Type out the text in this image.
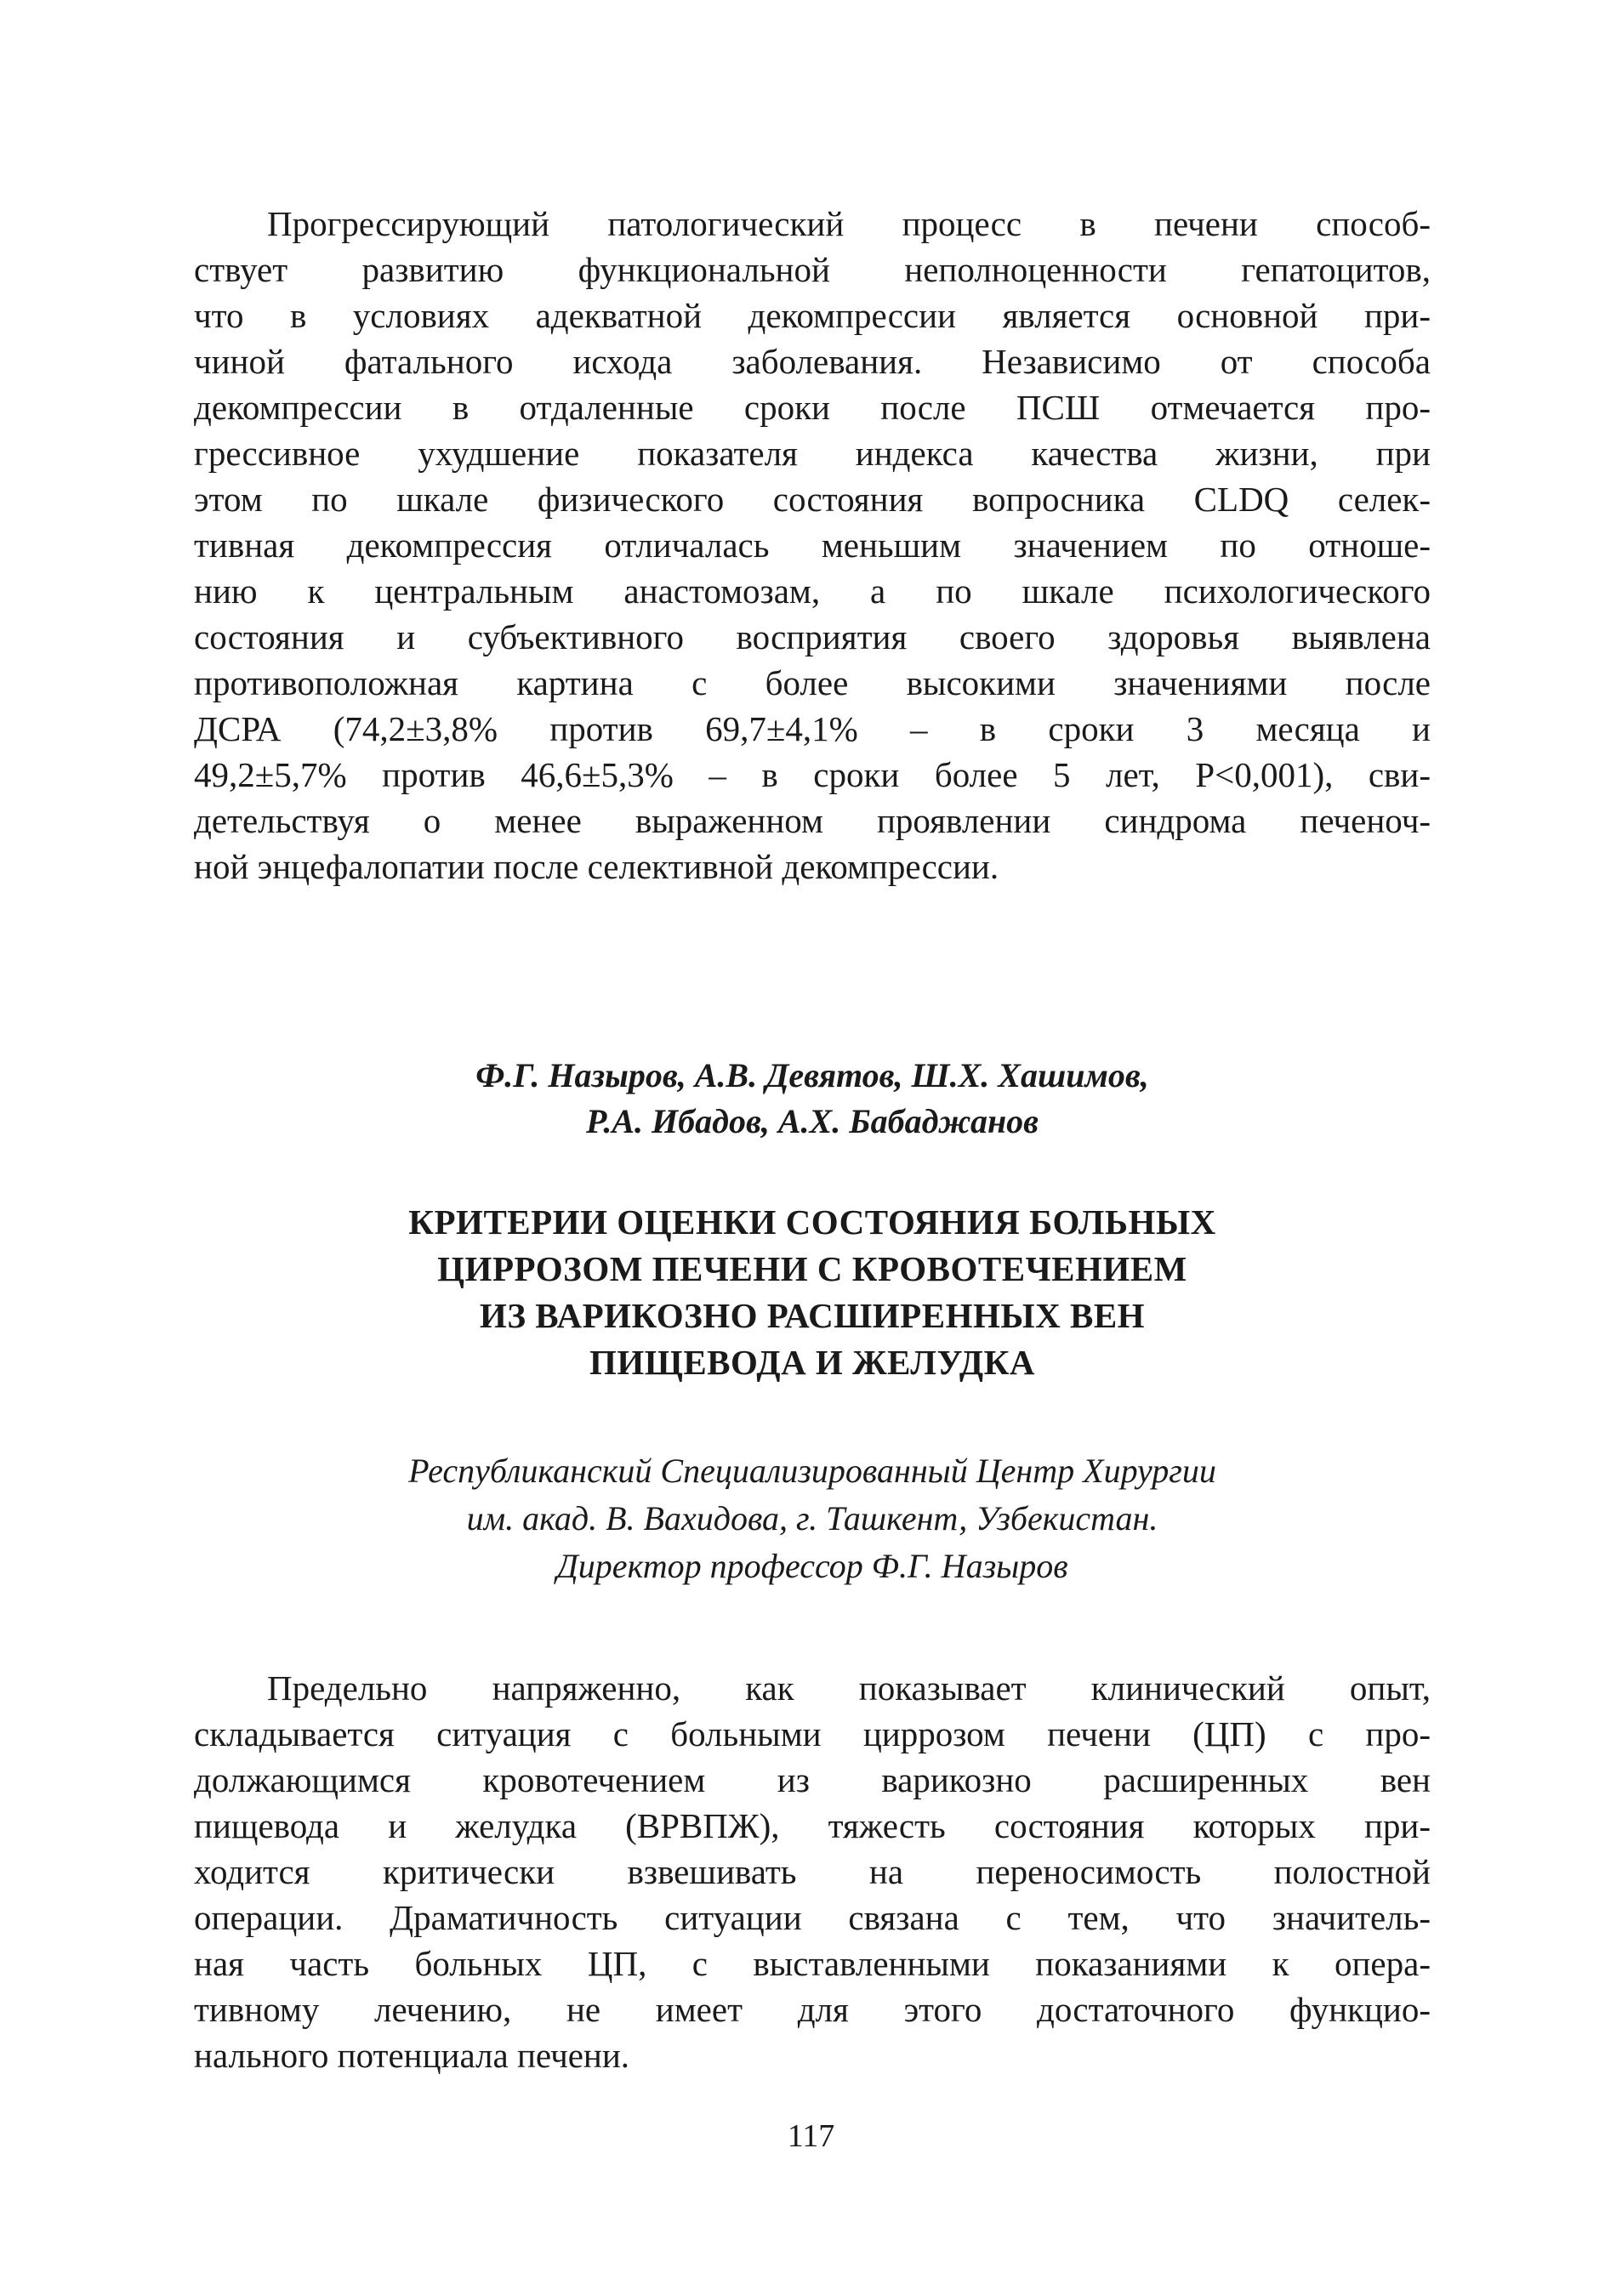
Прогрессирующий патологический процесс в печени способ-
ствует развитию функциональной неполноценности гепатоцитов,
что в условиях адекватной декомпрессии является основной при-
чиной фатального исхода заболевания. Независимо от способа
декомпрессии в отдаленные сроки после ПСШ отмечается про-
грессивное ухудшение показателя индекса качества жизни, при
этом по шкале физического состояния вопросника CLDQ селек-
тивная декомпрессия отличалась меньшим значением по отноше-
нию к центральным анастомозам, а по шкале психологического
состояния и субъективного восприятия своего здоровья выявлена
противоположная картина с более высокими значениями после
ДСРА (74,2±3,8% против 69,7±4,1% – в сроки 3 месяца и
49,2±5,7% против 46,6±5,3% – в сроки более 5 лет, P<0,001), сви-
детельствуя о менее выраженном проявлении синдрома печеноч-
ной энцефалопатии после селективной декомпрессии.
Ф.Г. Назыров, А.В. Девятов, Ш.Х. Хашимов,
Р.А. Ибадов, А.Х. Бабаджанов
КРИТЕРИИ ОЦЕНКИ СОСТОЯНИЯ БОЛЬНЫХ
ЦИРРОЗОМ ПЕЧЕНИ С КРОВОТЕЧЕНИЕМ
ИЗ ВАРИКОЗНО РАСШИРЕННЫХ ВЕН
ПИЩЕВОДА И ЖЕЛУДКА
Республиканский Специализированный Центр Хирургии
им. акад. В. Вахидова, г. Ташкент, Узбекистан.
Директор профессор Ф.Г. Назыров
Предельно напряженно, как показывает клинический опыт,
складывается ситуация с больными циррозом печени (ЦП) с про-
должающимся кровотечением из варикозно расширенных вен
пищевода и желудка (ВРВПЖ), тяжесть состояния которых при-
ходится критически взвешивать на переносимость полостной
операции. Драматичность ситуации связана с тем, что значитель-
ная часть больных ЦП, с выставленными показаниями к опера-
тивному лечению, не имеет для этого достаточного функцио-
нального потенциала печени.
117
